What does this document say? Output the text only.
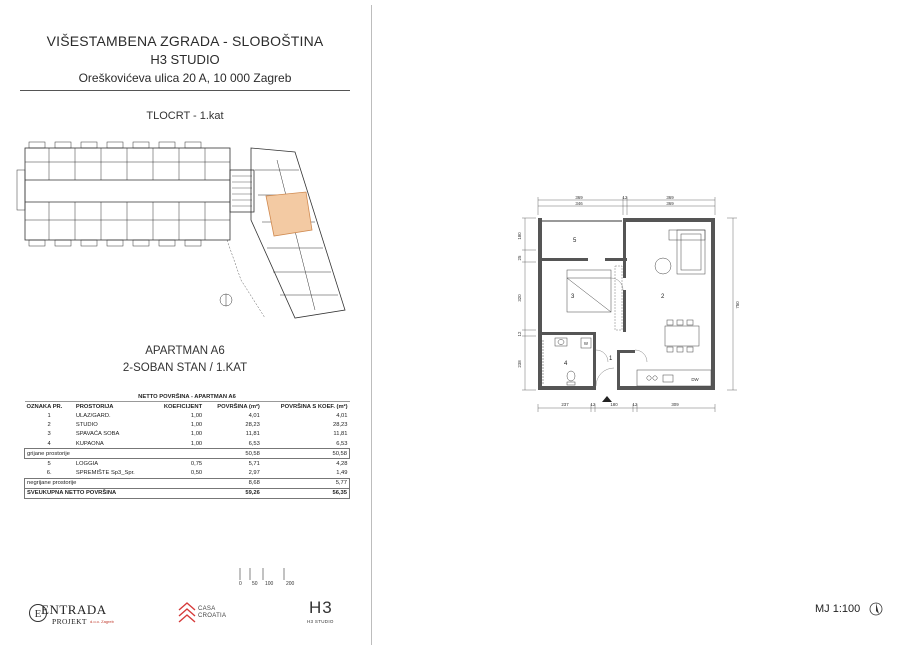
VIŠESTAMBENA ZGRADA - SLOBOŠTINA
H3 STUDIO
Oreškovićeva ulica 20 A, 10 000 Zagreb
TLOCRT - 1.kat
APARTMAN A6
2-SOBAN STAN / 1.KAT
NETTO POVRŠINA - APARTMAN A6				
OZNAKA PR.	PROSTORIJA	KOEFICIJENT	POVRŠINA (m²)	POVRŠINA S KOEF. (m²)
1	ULAZ/GARD.	1,00	4,01	4,01
2	STUDIO	1,00	28,23	28,23
3	SPAVAĆA SOBA	1,00	11,81	11,81
4	KUPAONA	1,00	6,53	6,53
grijane prostorije			50,58	50,58
5	LOGGIA	0,75	5,71	4,28
6.	SPREMIŠTE Sp3_Spr.	0,50	2,97	1,49
negrijane prostorije			8,68	5,77
SVEUKUPNA NETTO POVRŠINA			59,26	56,35
0 50 100	200
E ENTRADA
PROJEKT d.o.o. Zagreb
CASA
CROATIA	H3
H3 STUDIO
369	12	369
346	369
180
25
320
12
238
750
237	12	180	12	309
DW
W
5
3	2
4
1
MJ 1:100
